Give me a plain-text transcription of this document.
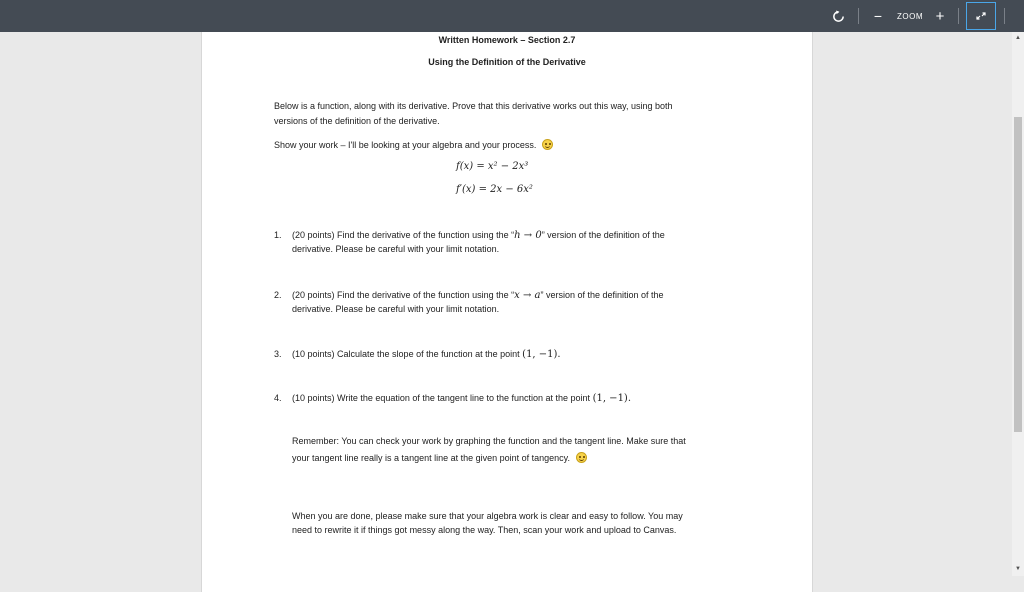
−	ZOOM +
Written Homework – Section 2.7
Using the Definition of the Derivative
Below is a function, along with its derivative. Prove that this derivative works out this way, using both
versions of the definition of the derivative.
Show your work – I'll be looking at your algebra and your process.
f(x) = x² − 2x³
f′(x) = 2x − 6x²
1. (20 points) Find the derivative of the function using the “h → 0” version of the definition of the
derivative. Please be careful with your limit notation.
2. (20 points) Find the derivative of the function using the “x → a” version of the definition of the
derivative. Please be careful with your limit notation.
3. (10 points) Calculate the slope of the function at the point (1, −1).
4. (10 points) Write the equation of the tangent line to the function at the point (1, −1).
Remember: You can check your work by graphing the function and the tangent line. Make sure that
your tangent line really is a tangent line at the given point of tangency.
When you are done, please make sure that your algebra work is clear and easy to follow. You may
need to rewrite it if things got messy along the way. Then, scan your work and upload to Canvas.
▲
▼
